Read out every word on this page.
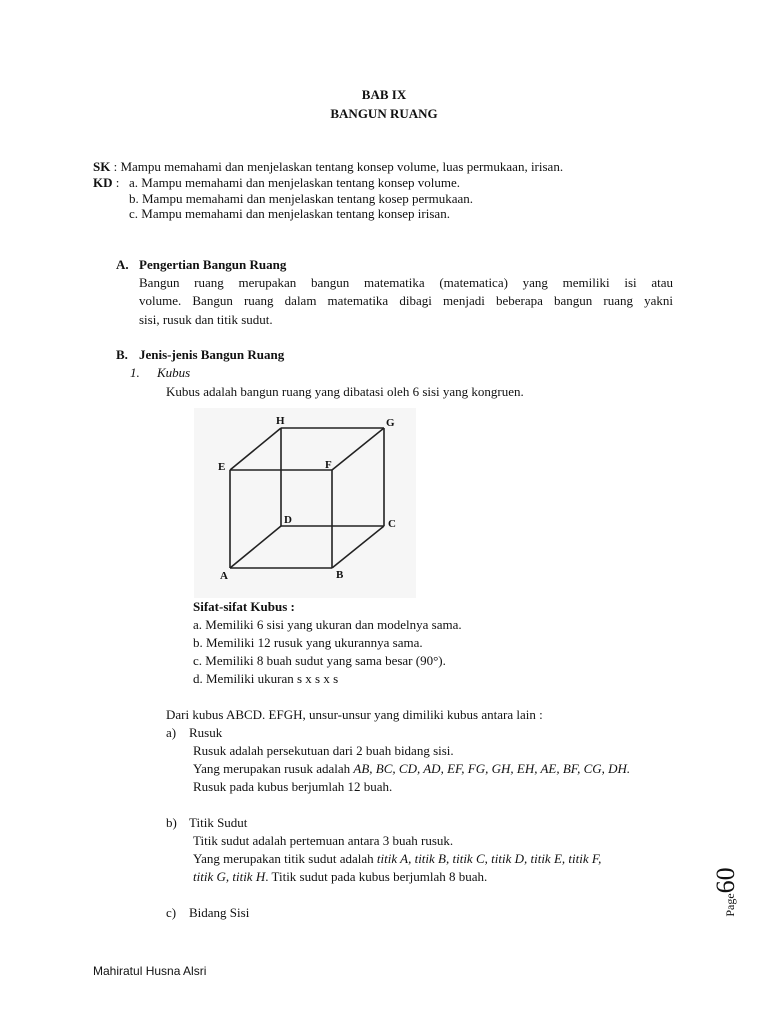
BAB IX
BANGUN RUANG
SK : Mampu memahami dan menjelaskan tentang konsep volume, luas permukaan, irisan.
KD : a. Mampu memahami dan menjelaskan tentang konsep volume.
b. Mampu memahami dan menjelaskan tentang kosep permukaan.
c. Mampu memahami dan menjelaskan tentang konsep irisan.
A. Pengertian Bangun Ruang
Bangun ruang merupakan bangun matematika (matematica) yang memiliki isi atau
volume. Bangun ruang dalam matematika dibagi menjadi beberapa bangun ruang yakni
sisi, rusuk dan titik sudut.
B. Jenis-jenis Bangun Ruang
1. Kubus
Kubus adalah bangun ruang yang dibatasi oleh 6 sisi yang kongruen.
H	G
E	F
D	C
A	B
Sifat-sifat Kubus :
a. Memiliki 6 sisi yang ukuran dan modelnya sama.
b. Memiliki 12 rusuk yang ukurannya sama.
c. Memiliki 8 buah sudut yang sama besar (90°).
d. Memiliki ukuran s x s x s
Dari kubus ABCD. EFGH, unsur-unsur yang dimiliki kubus antara lain :
a) Rusuk
Rusuk adalah persekutuan dari 2 buah bidang sisi.
Yang merupakan rusuk adalah AB, BC, CD, AD, EF, FG, GH, EH, AE, BF, CG, DH.
Rusuk pada kubus berjumlah 12 buah.
b) Titik Sudut
Titik sudut adalah pertemuan antara 3 buah rusuk.
Yang merupakan titik sudut adalah titik A, titik B, titik C, titik D, titik E, titik F,
titik G, titik H. Titik sudut pada kubus berjumlah 8 buah.
c) Bidang Sisi	Page60
Mahiratul Husna Alsri
